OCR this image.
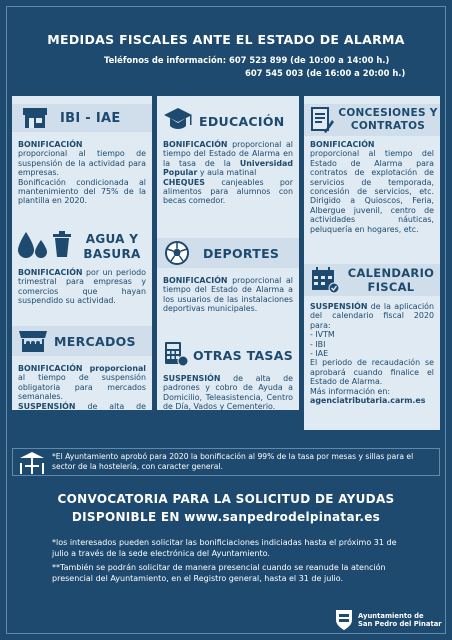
MEDIDAS FISCALES ANTE EL ESTADO DE ALARMA
Teléfonos de información: 607 523 899 (de 10:00 a 14:00 h.)
607 545 003 (de 16:00 a 20:00 h.)
IBI - IAE
BONIFICACIÓN
proporcional al tiempo de suspensión de la actividad para empresas.
Bonificación condicionada al mantenimiento del 75% de la plantilla en 2020.
AGUA Y
BASURA
BONIFICACIÓN por un periodo trimestral para empresas y comercios que hayan suspendido su actividad.
MERCADOS
BONIFICACIÓN proporcional al tiempo de suspensión obligatoria para mercados semanales.
SUSPENSIÓN de alta de padrones y cobro.
EDUCACIÓN
BONIFICACIÓN proporcional al tiempo del Estado de Alarma en la tasa de la Universidad Popular y aula matinal
CHEQUES canjeables por alimentos para alumnos con becas comedor.
DEPORTES
BONIFICACIÓN proporcional al tiempo del Estado de Alarma a los usuarios de las instalaciones deportivas municipales.
OTRAS TASAS
SUSPENSIÓN de alta de padrones y cobro de Ayuda a Domicilio, Teleasistencia, Centro de Día, Vados y Cementerio.
CONCESIONES Y
CONTRATOS
BONIFICACIÓN
proporcional al tiempo del Estado de Alarma para contratos de explotación de servicios de temporada, concesión de servicios, etc. Dirigido a Quioscos, Feria, Albergue juvenil, centro de actividades náuticas, peluquería en hogares, etc.
CALENDARIO
FISCAL
SUSPENSIÓN de la aplicación del calendario fiscal 2020 para:
- IVTM
- IBI
- IAE
El periodo de recaudación se aprobará cuando finalice el Estado de Alarma.
Más información en:
agenciatributaria.carm.es
*El Ayuntamiento aprobó para 2020 la bonificación al 99% de la tasa por mesas y sillas para el sector de la hostelería, con caracter general.
CONVOCATORIA PARA LA SOLICITUD DE AYUDAS
DISPONIBLE EN www.sanpedrodelpinatar.es
*los interesados pueden solicitar las bonificiaciones indiciadas hasta el próximo 31 de julio a través de la sede electrónica del Ayuntamiento.
**También se podrán solicitar de manera presencial cuando se reanude la atención presencial del Ayuntamiento, en el Registro general, hasta el 31 de julio.
Ayuntamiento de
San Pedro del Pinatar
